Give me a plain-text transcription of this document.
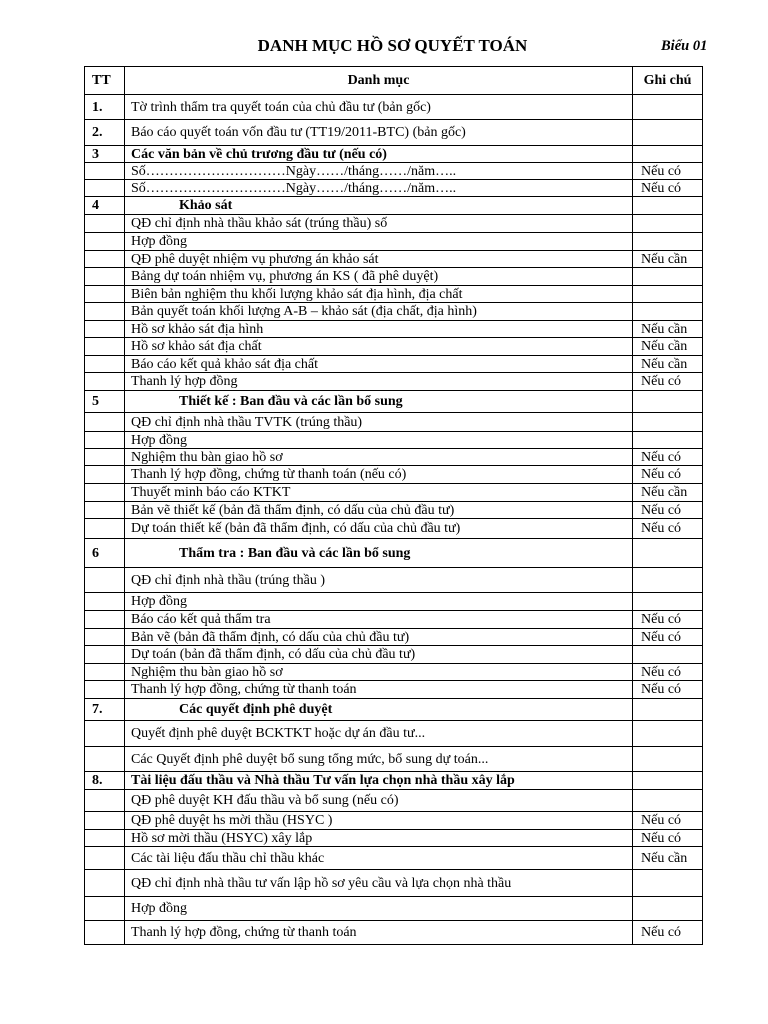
DANH MỤC HỒ SƠ QUYẾT TOÁN	Biểu 01
TT	Danh mục	Ghi chú
1.	Tờ trình thẩm tra quyết toán của chủ đầu tư (bản gốc)	
2.	Báo cáo quyết toán vốn đầu tư (TT19/2011-BTC) (bản gốc)	
3	Các văn bản về chủ trương đầu tư (nếu có)	
	Số…………………………Ngày……/tháng……/năm…..	Nếu có
	Số…………………………Ngày……/tháng……/năm…..	Nếu có
4	Khảo sát	
	QĐ chỉ định nhà thầu khảo sát (trúng thầu) số	
	Hợp đồng	
	QĐ phê duyệt nhiệm vụ phương án khảo sát	Nếu cần
	Bảng dự toán nhiệm vụ, phương án KS ( đã phê duyệt)	
	Biên bản nghiệm thu khối lượng khảo sát địa hình, địa chất	
	Bản quyết toán khối lượng A-B – khảo sát (địa chất, địa hình)	
	Hồ sơ khảo sát địa hình	Nếu cần
	Hồ sơ khảo sát địa chất	Nếu cần
	Báo cáo kết quả khảo sát địa chất	Nếu cần
	Thanh lý hợp đồng	Nếu có
5	Thiết kế : Ban đầu và các lần bổ sung	
	QĐ chỉ định nhà thầu TVTK (trúng thầu)	
	Hợp đồng	
	Nghiệm thu bàn giao hồ sơ	Nếu có
	Thanh lý hợp đồng, chứng từ thanh toán (nếu có)	Nếu có
	Thuyết minh báo cáo KTKT	Nếu cần
	Bản vẽ thiết kế (bản đã thẩm định, có dấu của chủ đầu tư)	Nếu có
	Dự toán thiết kế (bản đã thẩm định, có dấu của chủ đầu tư)	Nếu có
6	Thẩm tra : Ban đầu và các lần bổ sung	
	QĐ chỉ định nhà thầu (trúng thầu )	
	Hợp đồng	
	Báo cáo kết quả thẩm tra	Nếu có
	Bản vẽ (bản đã thẩm định, có dấu của chủ đầu tư)	Nếu có
	Dự toán (bản đã thẩm định, có dấu của chủ đầu tư)	
	Nghiệm thu bàn giao hồ sơ	Nếu có
	Thanh lý hợp đồng, chứng từ thanh toán	Nếu có
7.	Các quyết định phê duyệt	
	Quyết định phê duyệt BCKTKT hoặc dự án đầu tư...	
	Các Quyết định phê duyệt bổ sung tổng mức, bổ sung dự toán...	
8.	Tài liệu đấu thầu và Nhà thầu Tư vấn lựa chọn nhà thầu xây lắp	
	QĐ phê duyệt KH đấu thầu và bổ sung (nếu có)	
	QĐ phê duyệt hs mời thầu (HSYC )	Nếu có
	Hồ sơ mời thầu (HSYC) xây lắp	Nếu có
	Các tài liệu đấu thầu chỉ thầu khác	Nếu cần
	QĐ chỉ định nhà thầu tư vấn lập hồ sơ yêu cầu và lựa chọn nhà thầu	
	Hợp đồng	
	Thanh lý hợp đồng, chứng từ thanh toán	Nếu có
